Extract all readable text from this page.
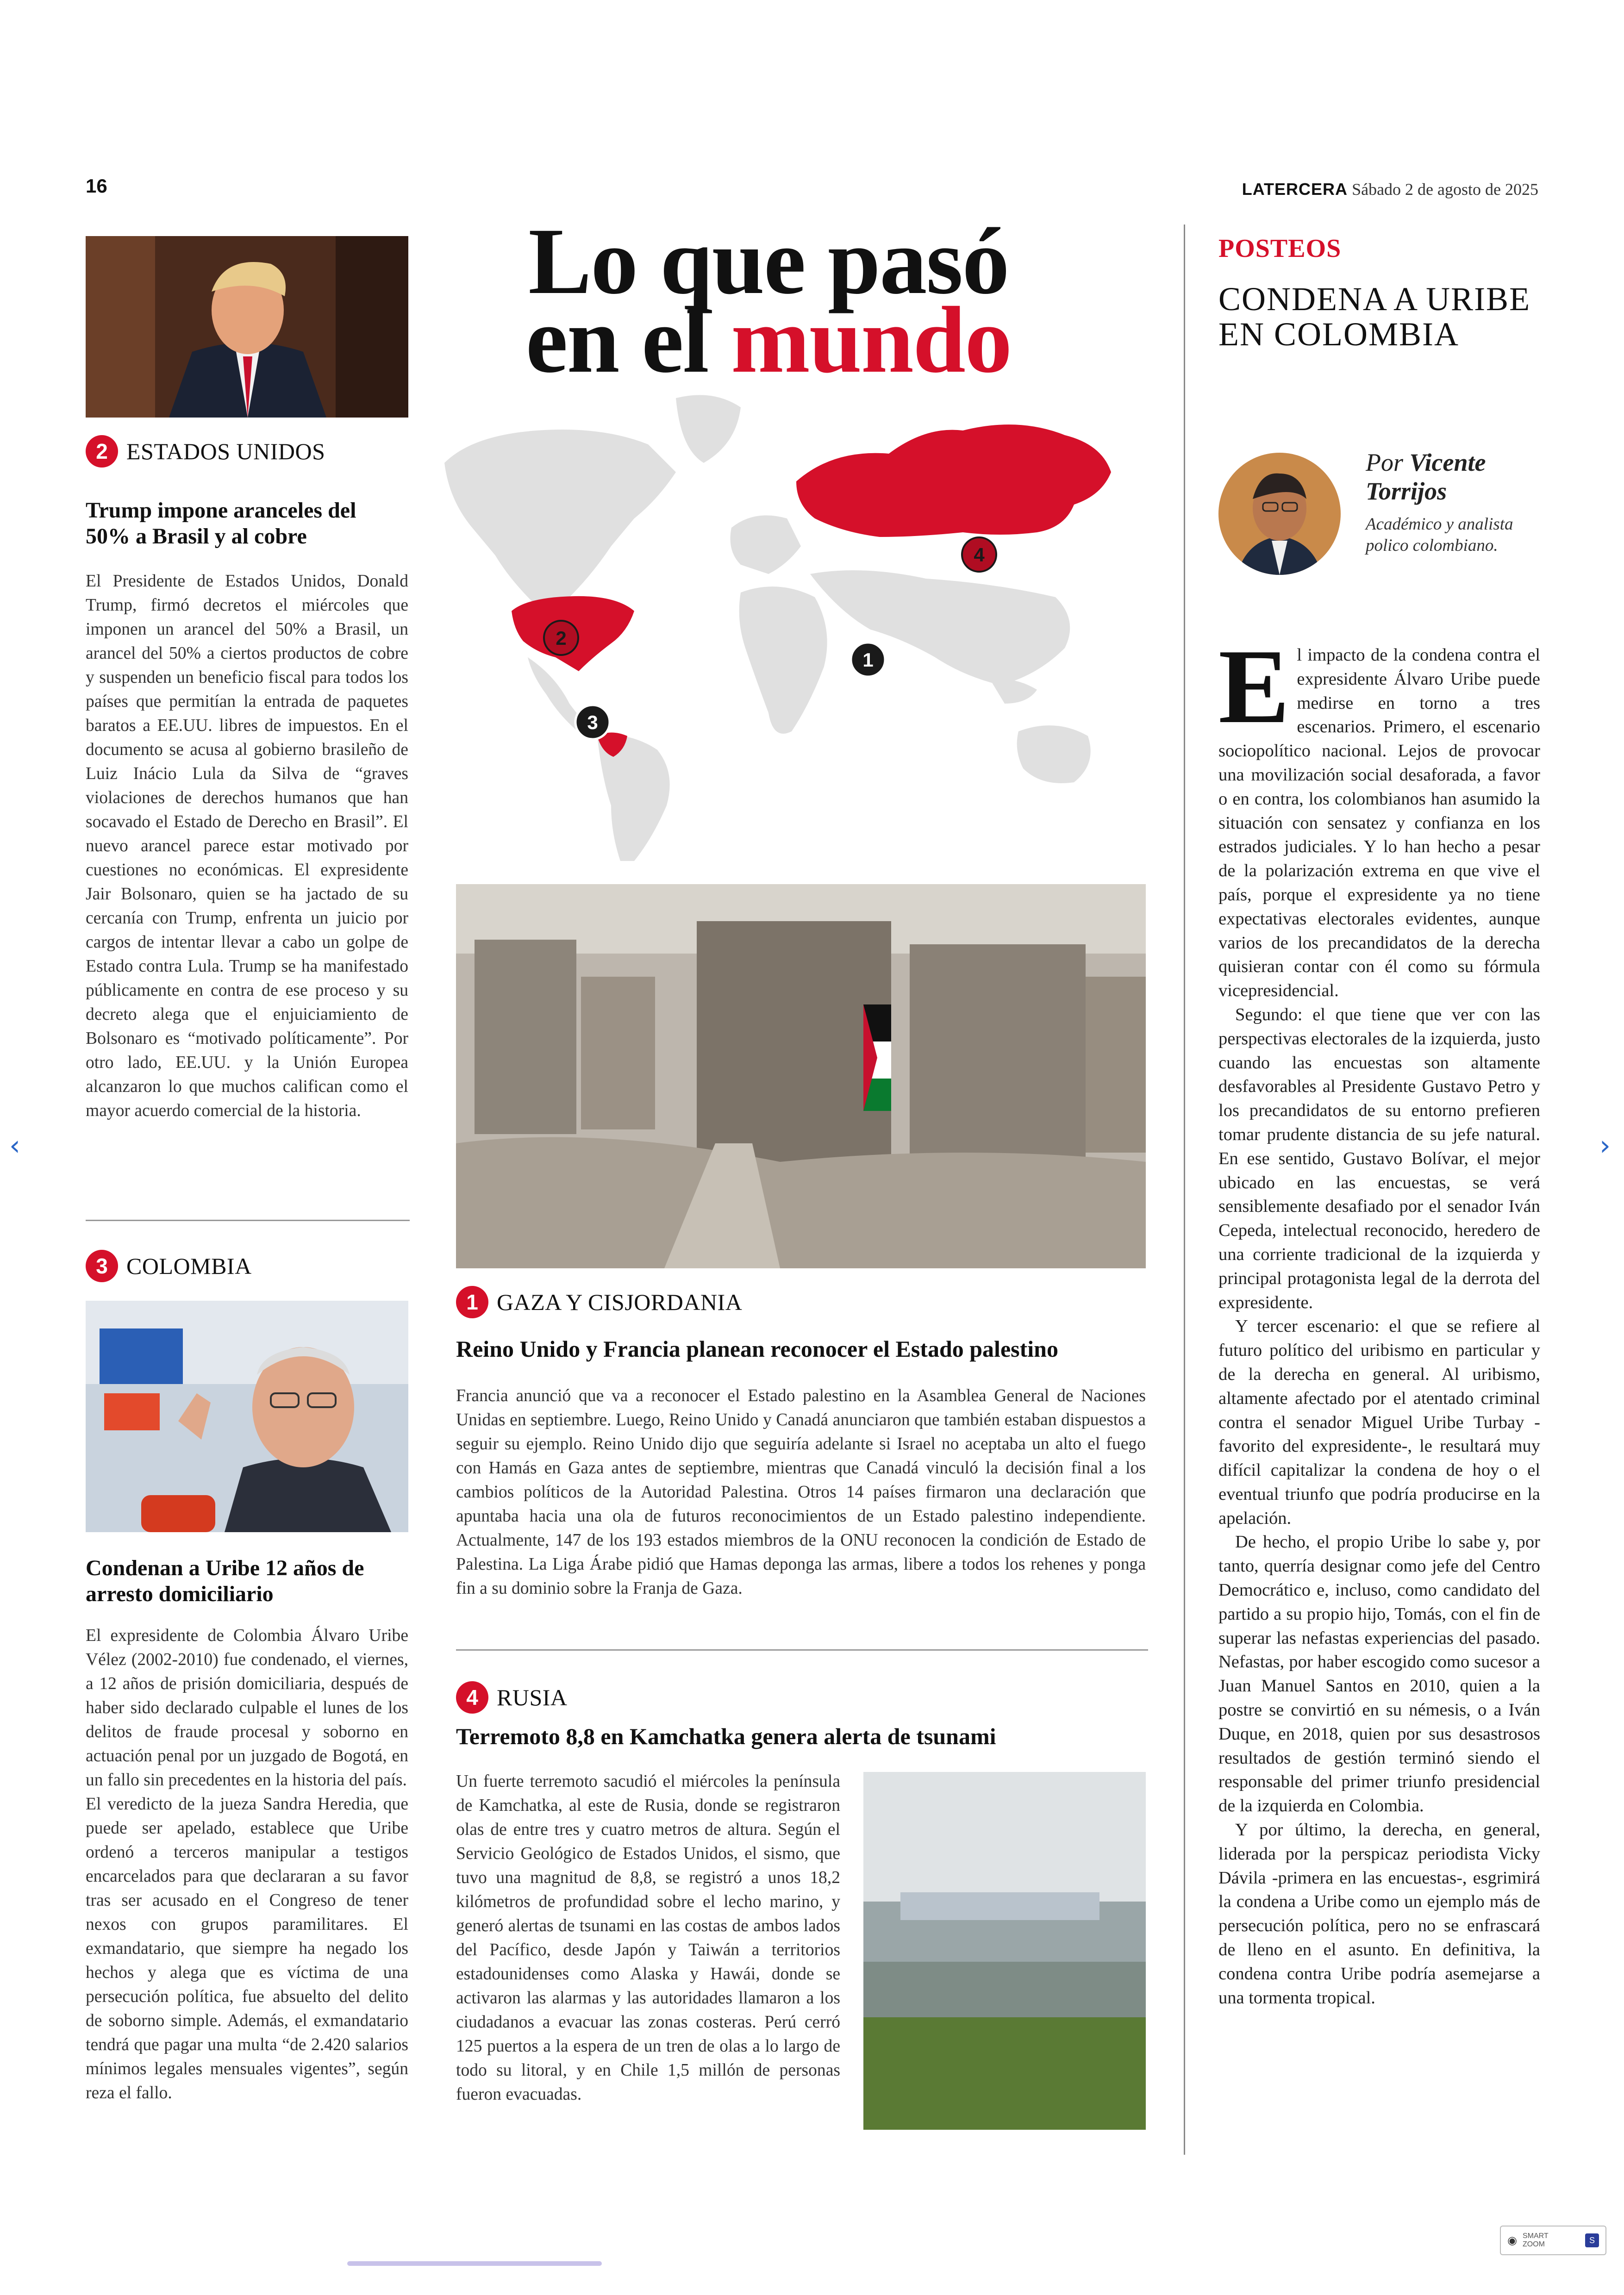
16	LATERCERA Sábado 2 de agosto de 2025
2 ESTADOS UNIDOS
Trump impone aranceles del 50% a Brasil y al cobre
El Presidente de Estados Unidos, Donald Trump, firmó decretos el miércoles que imponen un arancel del 50% a Brasil, un arancel del 50% a ciertos productos de cobre y suspenden un beneficio fiscal para todos los países que permitían la entrada de paquetes baratos a EE.UU. libres de impuestos. En el documento se acusa al gobierno brasileño de Luiz Inácio Lula da Silva de “graves violaciones de derechos humanos que han socavado el Estado de Derecho en Brasil”. El nuevo arancel parece estar motivado por cuestiones no económicas. El expresidente Jair Bolsonaro, quien se ha jactado de su cercanía con Trump, enfrenta un juicio por cargos de intentar llevar a cabo un golpe de Estado contra Lula. Trump se ha manifestado públicamente en contra de ese proceso y su decreto alega que el enjuiciamiento de Bolsonaro es “motivado políticamente”. Por otro lado, EE.UU. y la Unión Europea alcanzaron lo que muchos califican como el mayor acuerdo comercial de la historia.
3 COLOMBIA
Condenan a Uribe 12 años de arresto domiciliario

El expresidente de Colombia Álvaro Uribe Vélez (2002-2010) fue condenado, el viernes, a 12 años de prisión domiciliaria, después de haber sido declarado culpable el lunes de los delitos de fraude procesal y soborno en actuación penal por un juzgado de Bogotá, en un fallo sin precedentes en la historia del país.

El veredicto de la jueza Sandra Heredia, que puede ser apelado, establece que Uribe ordenó a terceros manipular a testigos encarcelados para que declararan a su favor tras ser acusado en el Congreso de tener nexos con grupos paramilitares. El exmandatario, que siempre ha negado los hechos y alega que es víctima de una persecución política, fue absuelto del delito de soborno simple. Además, el exmandatario tendrá que pagar una multa “de 2.420 salarios mínimos legales mensuales vigentes”, según reza el fallo.

Lo que pasó
en el mundo
1
2
3
4
1 GAZA Y CISJORDANIA
Reino Unido y Francia planean reconocer el Estado palestino
Francia anunció que va a reconocer el Estado palestino en la Asamblea General de Naciones Unidas en septiembre. Luego, Reino Unido y Canadá anunciaron que también estaban dispuestos a seguir su ejemplo. Reino Unido dijo que seguiría adelante si Israel no aceptaba un alto el fuego con Hamás en Gaza antes de septiembre, mientras que Canadá vinculó la decisión final a los cambios políticos de la Autoridad Palestina. Otros 14 países firmaron una declaración que apuntaba hacia una ola de futuros reconocimientos de un Estado palestino independiente. Actualmente, 147 de los 193 estados miembros de la ONU reconocen la condición de Estado de Palestina. La Liga Árabe pidió que Hamas deponga las armas, libere a todos los rehenes y ponga fin a su dominio sobre la Franja de Gaza.
4 RUSIA
Terremoto 8,8 en Kamchatka genera alerta de tsunami
Un fuerte terremoto sacudió el miércoles la península de Kamchatka, al este de Rusia, donde se registraron olas de entre tres y cuatro metros de altura. Según el Servicio Geológico de Estados Unidos, el sismo, que tuvo una magnitud de 8,8, se registró a unos 18,2 kilómetros de profundidad sobre el lecho marino, y generó alertas de tsunami en las costas de ambos lados del Pacífico, desde Japón y Taiwán a territorios estadounidenses como Alaska y Hawái, donde se activaron las alarmas y las autoridades llamaron a los ciudadanos a evacuar las zonas costeras. Perú cerró 125 puertos a la espera de un tren de olas a lo largo de todo su litoral, y en Chile 1,5 millón de personas fueron evacuadas.
POSTEOS
CONDENA A URIBE EN COLOMBIA
Por Vicente Torrijos
Académico y analista polico colombiano.

El impacto de la condena contra el expresidente Álvaro Uribe puede medirse en torno a tres escenarios. Primero, el escenario sociopolítico nacional. Lejos de provocar una movilización social desaforada, a favor o en contra, los colombianos han asumido la situación con sensatez y confianza en los estrados judiciales. Y lo han hecho a pesar de la polarización extrema en que vive el país, porque el expresidente ya no tiene expectativas electorales evidentes, aunque varios de los precandidatos de la derecha quisieran contar con él como su fórmula vicepresidencial.

Segundo: el que tiene que ver con las perspectivas electorales de la izquierda, justo cuando las encuestas son altamente desfavorables al Presidente Gustavo Petro y los precandidatos de su entorno prefieren tomar prudente distancia de su jefe natural. En ese sentido, Gustavo Bolívar, el mejor ubicado en las encuestas, se verá sensiblemente desafiado por el senador Iván Cepeda, intelectual reconocido, heredero de una corriente tradicional de la izquierda y principal protagonista legal de la derrota del expresidente.

Y tercer escenario: el que se refiere al futuro político del uribismo en particular y de la derecha en general. Al uribismo, altamente afectado por el atentado criminal contra el senador Miguel Uribe Turbay -favorito del expresidente-, le resultará muy difícil capitalizar la condena de hoy o el eventual triunfo que podría producirse en la apelación.

De hecho, el propio Uribe lo sabe y, por tanto, querría designar como jefe del Centro Democrático e, incluso, como candidato del partido a su propio hijo, Tomás, con el fin de superar las nefastas experiencias del pasado. Nefastas, por haber escogido como sucesor a Juan Manuel Santos en 2010, quien a la postre se convirtió en su némesis, o a Iván Duque, en 2018, quien por sus desastrosos resultados de gestión terminó siendo el responsable del primer triunfo presidencial de la izquierda en Colombia.

Y por último, la derecha, en general, liderada por la perspicaz periodista Vicky Dávila -primera en las encuestas-, esgrimirá la condena a Uribe como un ejemplo más de persecución política, pero no se enfrascará de lleno en el asunto. En definitiva, la condena contra Uribe podría asemejarse a una tormenta tropical.

‹	›
◉ SMART
ZOOM	S
